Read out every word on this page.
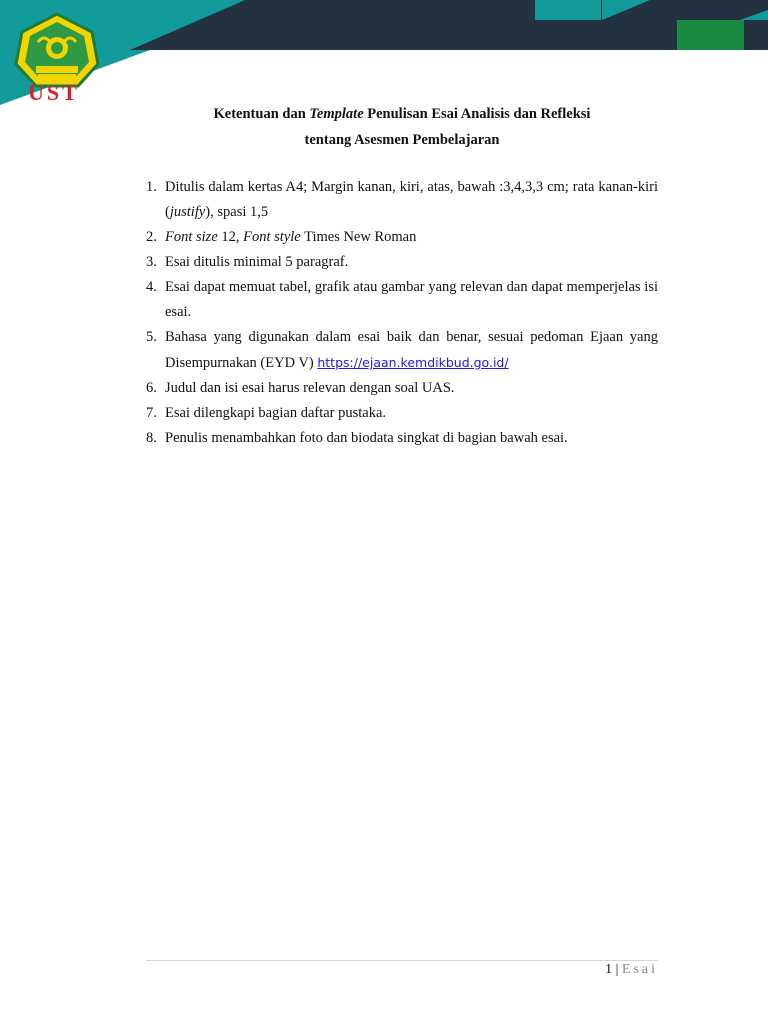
UST
Ketentuan dan Template Penulisan Esai Analisis dan Refleksi
tentang Asesmen Pembelajaran
1. Ditulis dalam kertas A4; Margin kanan, kiri, atas, bawah :3,4,3,3 cm; rata kanan-kiri (justify), spasi 1,5
2. Font size 12, Font style Times New Roman
3. Esai ditulis minimal 5 paragraf.
4. Esai dapat memuat tabel, grafik atau gambar yang relevan dan dapat memperjelas isi esai.
5. Bahasa yang digunakan dalam esai baik dan benar, sesuai pedoman Ejaan yang Disempurnakan (EYD V) https://ejaan.kemdikbud.go.id/
6. Judul dan isi esai harus relevan dengan soal UAS.
7. Esai dilengkapi bagian daftar pustaka.
8. Penulis menambahkan foto dan biodata singkat di bagian bawah esai.
1 | Esai
